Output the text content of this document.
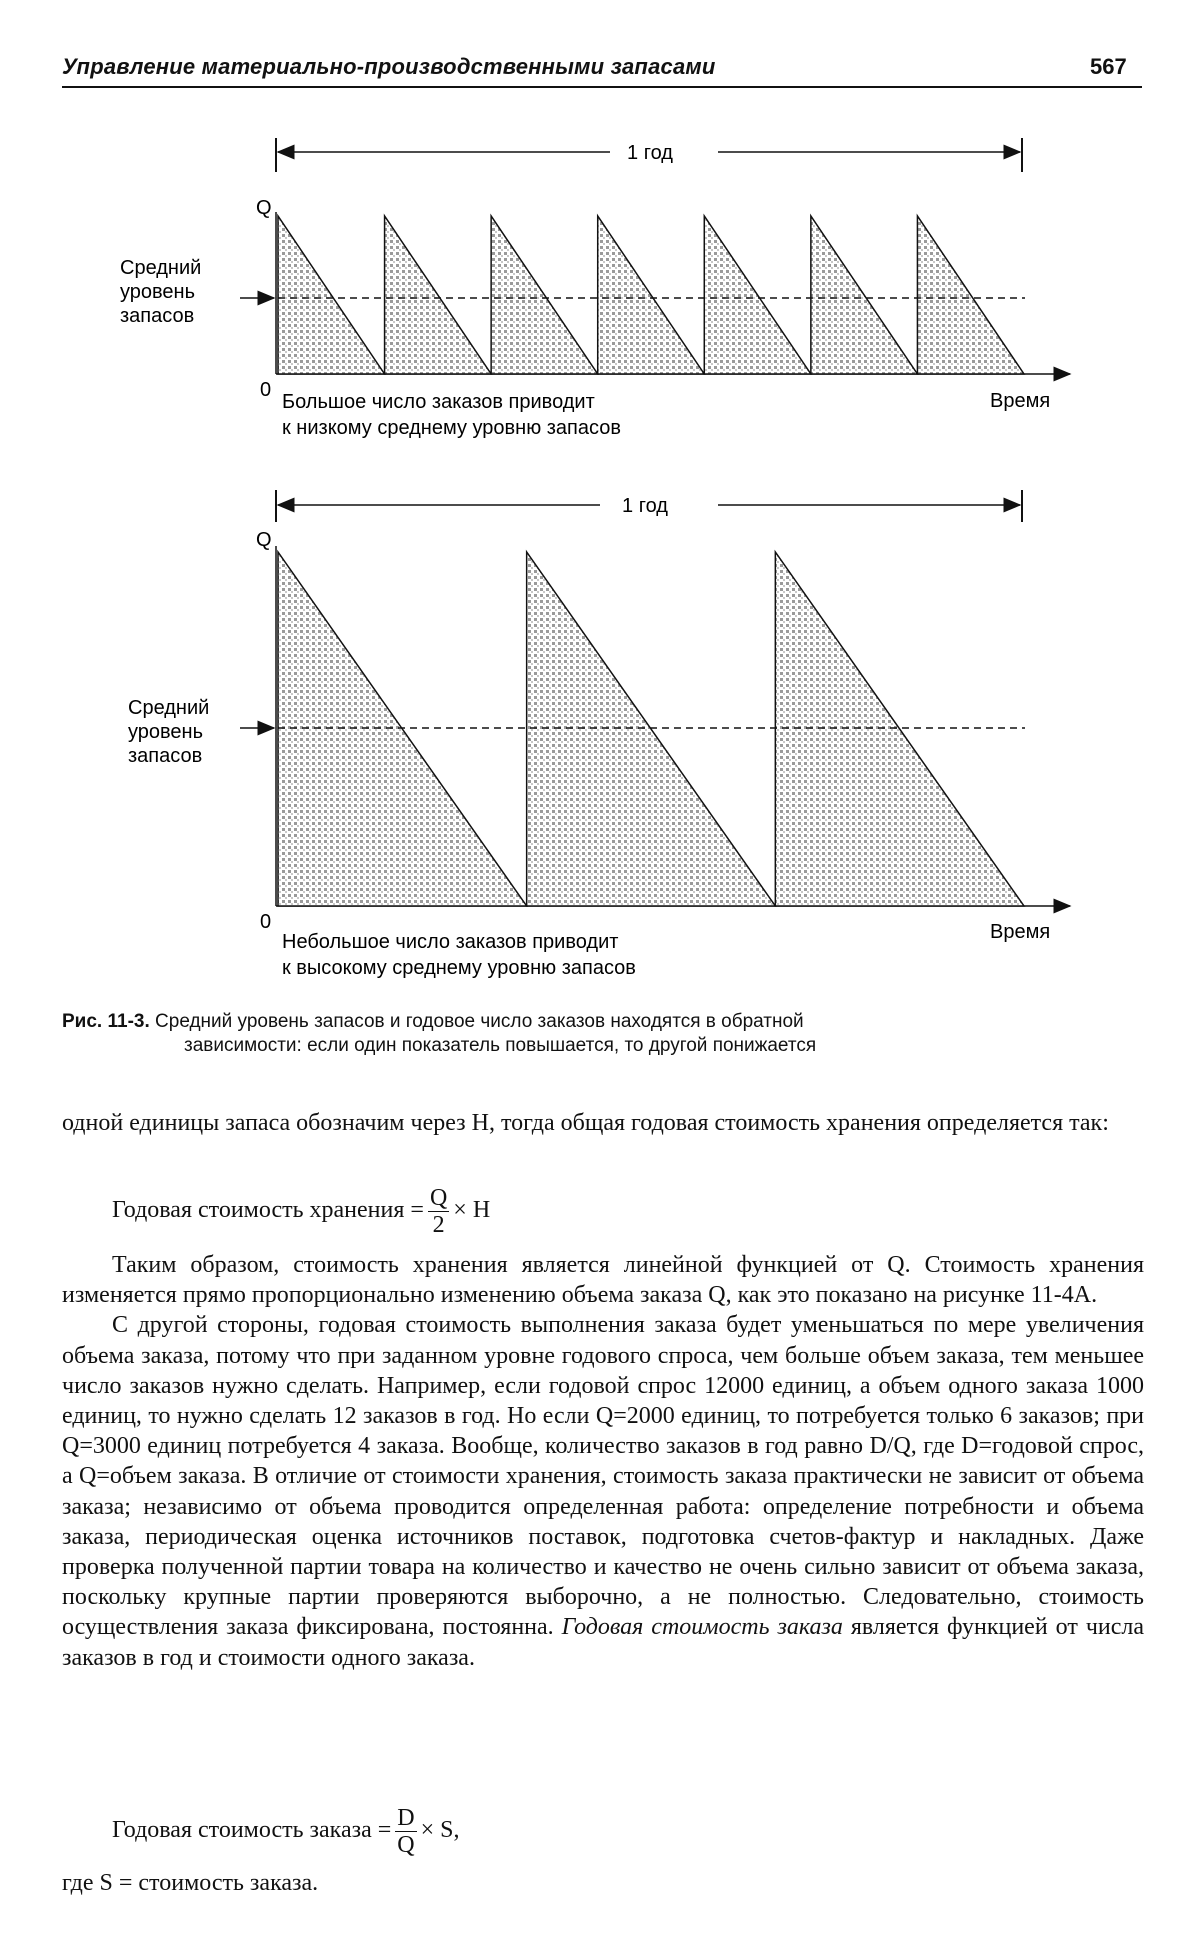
Управление материально-производственными запасами	567
1 год
Q
0
Средний уровень запасов
Время
Большое число заказов приводит к низкому среднему уровню запасов
1 год
Q
0
Средний уровень запасов
Время
Небольшое число заказов приводит к высокому среднему уровню запасов
Рис. 11-3. Средний уровень запасов и годовое число заказов находятся в обратной
зависимости: если один показатель повышается, то другой понижается

одной единицы запаса обозначим через H, тогда общая годовая стоимость хранения определяется так:

Годовая стоимость хранения = $\frac{Q}{2} \times H$

Таким образом, стоимость хранения является линейной функцией от Q. Стоимость хранения изменяется прямо пропорционально изменению объема заказа Q, как это показано на рисунке 11-4A.

С другой стороны, годовая стоимость выполнения заказа будет уменьшаться по мере увеличения объема заказа, потому что при заданном уровне годового спроса, чем больше объем заказа, тем меньшее число заказов нужно сделать. Например, если годовой спрос 12000 единиц, а объем одного заказа 1000 единиц, то нужно сделать 12 заказов в год. Но если Q=2000 единиц, то потребуется только 6 заказов; при Q=3000 единиц потребуется 4 заказа. Вообще, количество заказов в год равно D/Q, где D=годовой спрос, а Q=объем заказа. В отличие от стоимости хранения, стоимость заказа практически не зависит от объема заказа; независимо от объема проводится определенная работа: определение потребности и объема заказа, периодическая оценка источников поставок, подготовка счетов-фактур и накладных. Даже проверка полученной партии товара на количество и качество не очень сильно зависит от объема заказа, поскольку крупные партии проверяются выборочно, а не полностью. Следовательно, стоимость осуществления заказа фиксирована, постоянна. Годовая стоимость заказа является функцией от числа заказов в год и стоимости одного заказа.

Годовая стоимость заказа = $\frac{D}{Q} \times S$,
где S = стоимость заказа.
